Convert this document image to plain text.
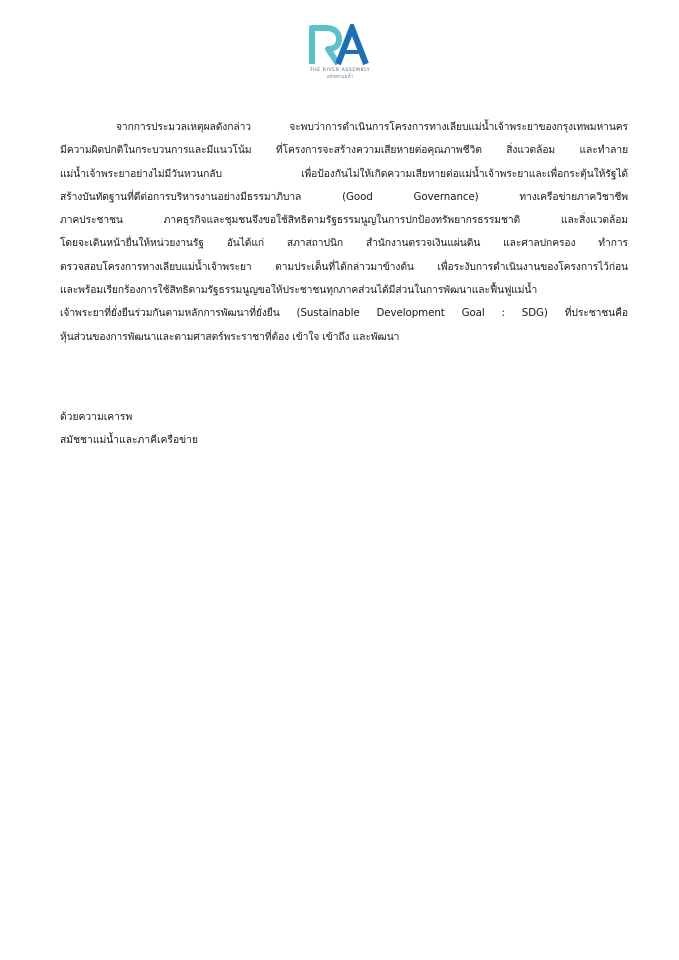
THE RIVER ASSEMBLY
สมัชชาแม่น้ำ
จากการประมวลเหตุผลดังกล่าว จะพบว่าการดำเนินการโครงการทางเลียบแม่น้ำเจ้าพระยาของกรุงเทพมหานคร
มีความผิดปกติในกระบวนการและมีแนวโน้ม ที่โครงการจะสร้างความเสียหายต่อคุณภาพชีวิต สิ่งแวดล้อม และทำลาย
แม่น้ำเจ้าพระยาอย่างไม่มีวันหวนกลับ เพื่อป้องกันไม่ให้เกิดความเสียหายต่อแม่น้ำเจ้าพระยาและเพื่อกระตุ้นให้รัฐได้
สร้างบันทัดฐานที่ดีต่อการบริหารงานอย่างมีธรรมาภิบาล (Good Governance) ทางเครือข่ายภาควิชาชีพ
ภาคประชาชน ภาคธุรกิจและชุมชนจึงขอใช้สิทธิตามรัฐธรรมนูญในการปกป้องทรัพยากรธรรมชาติ และสิ่งแวดล้อม
โดยจะเดินหน้ายื่นให้หน่วยงานรัฐ อันได้แก่ สภาสถาปนิก สำนักงานตรวจเงินแผ่นดิน และศาลปกครอง ทำการ
ตรวจสอบโครงการทางเลียบแม่น้ำเจ้าพระยา ตามประเด็นที่ได้กล่าวมาข้างต้น เพื่อระงับการดำเนินงานของโครงการไว้ก่อน
และพร้อมเรียกร้องการใช้สิทธิตามรัฐธรรมนูญขอให้ประชาชนทุกภาคส่วนได้มีส่วนในการพัฒนาและฟื้นฟูแม่น้ำ
เจ้าพระยาที่ยั่งยืนร่วมกันตามหลักการพัฒนาที่ยั่งยืน (Sustainable Development Goal : SDG) ที่ประชาชนคือ
หุ้นส่วนของการพัฒนาและตามศาสตร์พระราชาที่ต้อง เข้าใจ เข้าถึง และพัฒนา
ด้วยความเคารพ
สมัชชาแม่น้ำและภาคีเครือข่าย
